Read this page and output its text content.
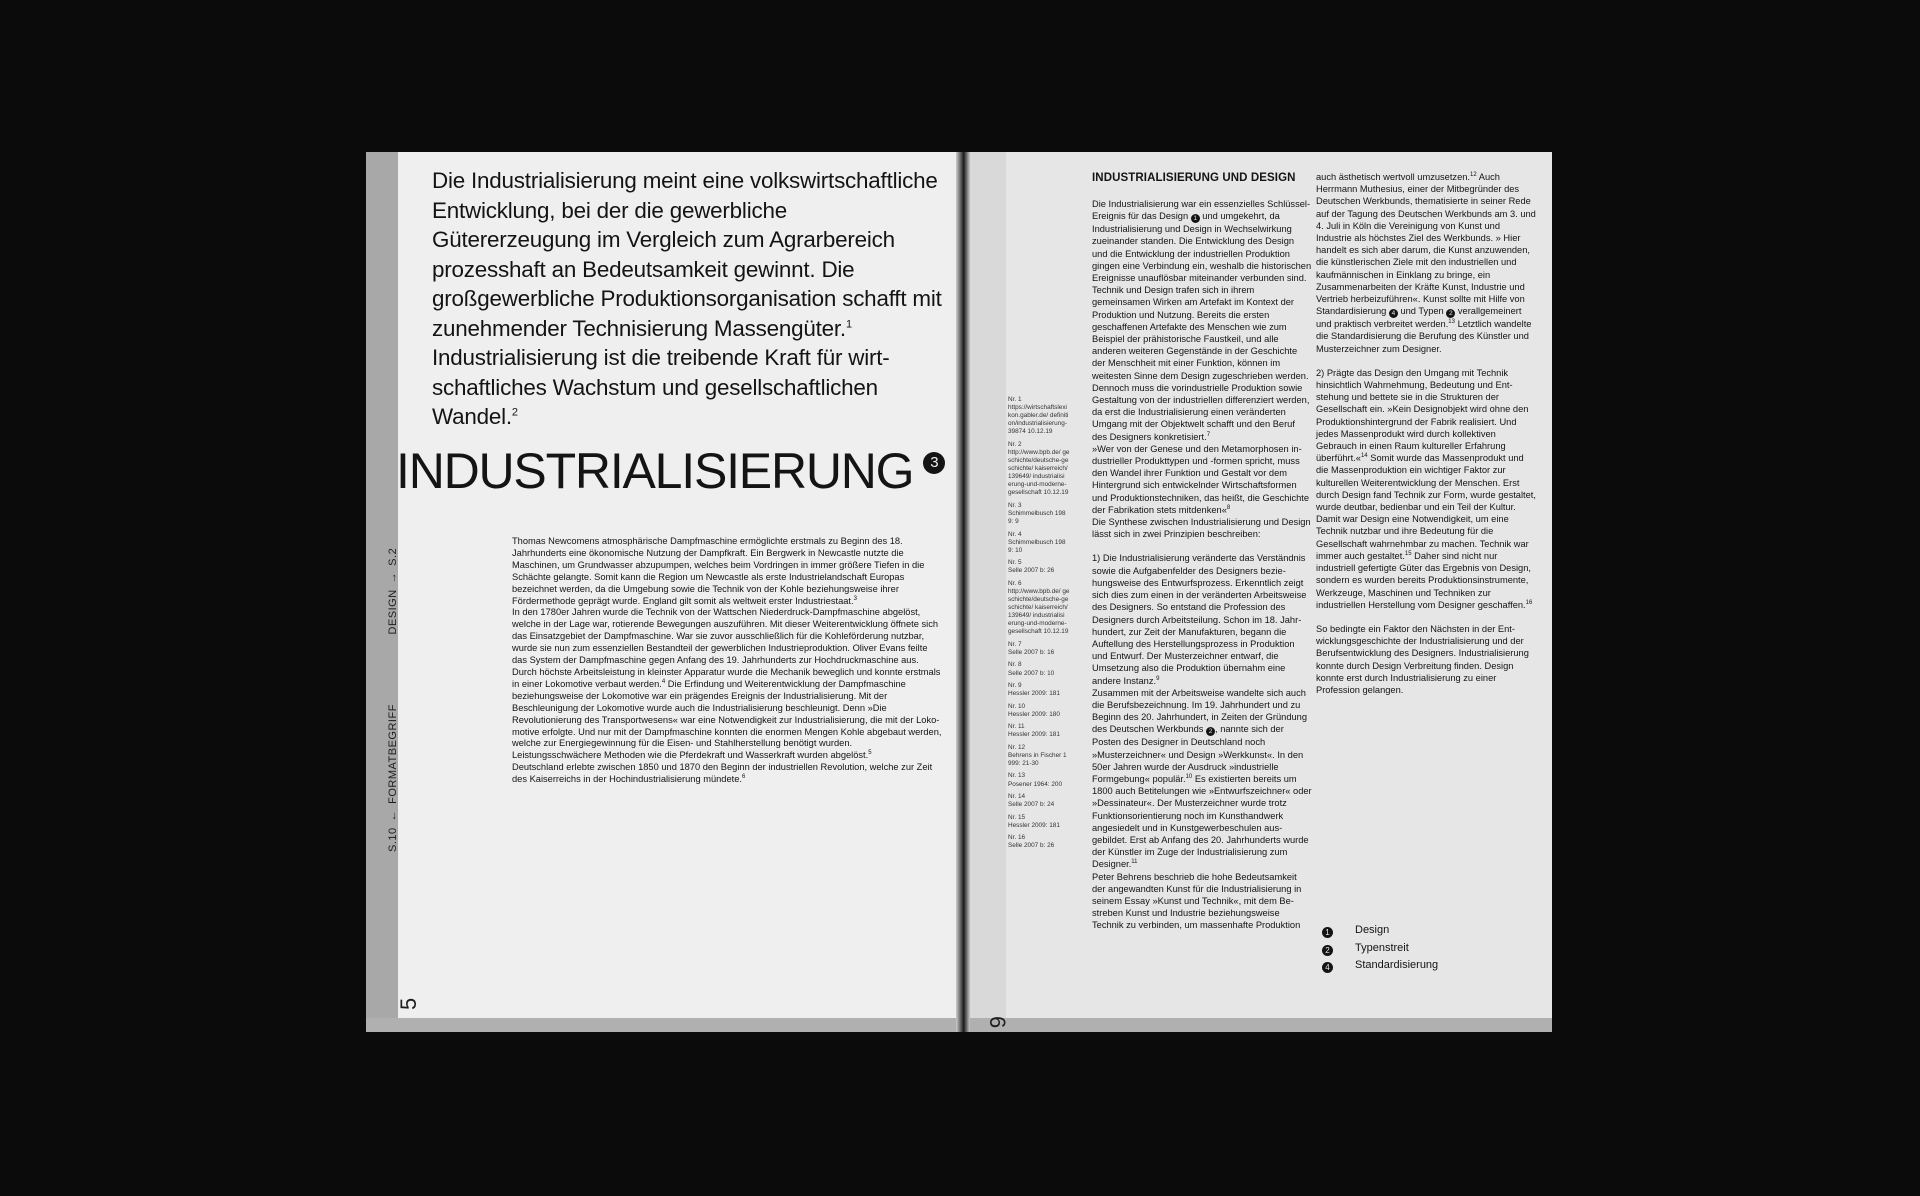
Die Industrialisierung meint eine volkswirtschaftliche Entwicklung, bei der die gewerbliche Gütererzeugung im Vergleich zum Agrarbereich prozesshaft an Bedeutsamkeit gewinnt. Die großgewerbliche Produktionsorganisation schafft mit zunehmender Technisierung Massengüter.$^1$ Industrialisierung ist die treibende Kraft für wirtschaftliches Wachstum und gesellschaftlichen Wandel.$^2$

INDUSTRIALISIERUNG 3

Thomas Newcomens atmosphärische Dampfmaschine ermöglichte erstmals zu Beginn des 18. Jahrhunderts eine ökonomische Nutzung der Dampfkraft. Ein Bergwerk in Newcastle nutzte die Maschinen, um Grundwasser abzupumpen, welches beim Vordringen in immer größere Tiefen in die Schächte gelangte. Somit kann die Region um Newcastle als erste Industrielandschaft Europas bezeichnet werden, da die Umgebung sowie die Technik von der Kohle beziehungsweise ihrer Fördermethode geprägt wurde. England gilt somit als weltweit erster Industriestaat.$^3$

In den 1780er Jahren wurde die Technik von der Wattschen Niederdruck-Dampfmaschine abgelöst, welche in der Lage war, rotierende Bewegungen auszuführen. Mit dieser Weiterentwicklung öffnete sich das Einsatzgebiet der Dampfmaschine. War sie zuvor ausschließlich für die Kohleförderung nutzbar, wurde sie nun zum essenziellen Bestandteil der gewerblichen Industrieproduktion. Oliver Evans feilte das System der Dampfmaschine gegen Anfang des 19. Jahrhunderts zur Hochdruckmaschine aus. Durch höchste Arbeitsleistung in kleinster Apparatur wurde die Mechanik beweglich und konnte erstmals in einer Lokomotive verbaut werden.$^4$ Die Erfindung und Weiterentwicklung der Dampfmaschine beziehungsweise der Lokomotive war ein prägendes Ereignis der Industrialisierung. Mit der Beschleunigung der Lokomotive wurde auch die Industrialisierung beschleunigt. Denn »Die Revolutionierung des Transportwesens« war eine Notwendigkeit zur Industrialisierung, die mit der Lokomotive erfolgte. Und nur mit der Dampfmaschine konnten die enormen Mengen Kohle abgebaut werden, welche zur Energiegewinnung für die Eisen- und Stahlherstellung benötigt wurden. Leistungsschwächere Methoden wie die Pferdekraft und Wasserkraft wurden abgelöst.$^5$

Deutschland erlebte zwischen 1850 und 1870 den Beginn der industriellen Revolution, welche zur Zeit des Kaiserreichs in der Hochindustrialisierung mündete.$^6$

S.10←FORMATBEGRIFF DESIGN→S.2
5
INDUSTRIALISIERUNG UND DESIGN
Nr. 1
https://wirtschaftslexikon.gabler.de/ definition/industrialisierung-39874 10.12.19
Nr. 2
http://www.bpb.de/ geschichte/deutsche-geschichte/ kaiserreich/139649/ industrialisierung-und-moderne-gesellschaft 10.12.19
Nr. 3
Schimmelbusch 1989: 9
Nr. 4
Schimmelbusch 1989: 10
Nr. 5
Selle 2007 b: 26
Nr. 6
http://www.bpb.de/ geschichte/deutsche-geschichte/ kaiserreich/139649/ industrialisierung-und-moderne-gesellschaft 10.12.19
Nr. 7
Selle 2007 b: 16
Nr. 8
Selle 2007 b: 10
Nr. 9
Hessler 2009: 181
Nr. 10
Hessler 2009: 180
Nr. 11
Hessler 2009: 181
Nr. 12
Behrens in Fischer 1999: 21-30
Nr. 13
Posener 1964: 200
Nr. 14
Selle 2007 b: 24
Nr. 15
Hessler 2009: 181
Nr. 16
Selle 2007 b: 26

Die Industrialisierung war ein essenzielles SchlüsselEreignis für das Design 1 und umgekehrt, da Industrialisierung und Design in Wechselwirkung zueinander standen. Die Entwicklung des Design und die Entwicklung der industriellen Produktion gingen eine Verbindung ein, weshalb die historischen Ereignisse unauflösbar miteinander verbunden sind. Technik und Design trafen sich in ihrem gemeinsamen Wirken am Artefakt im Kontext der Produktion und Nutzung. Bereits die ersten geschaffenen Artefakte des Menschen wie zum Beispiel der prähistorische Faustkeil, und alle anderen weiteren Gegenstände in der Geschichte der Menschheit mit einer Funktion, können im weitesten Sinne dem Design zugeschrieben werden. Dennoch muss die vorindustrielle Produktion sowie Gestaltung von der industriellen differenziert werden, da erst die Industrialisierung einen veränderten Umgang mit der Objektwelt schafft und den Beruf des Designers konkretisiert.$^7$

»Wer von der Genese und den Metamorphosen industrieller Produkttypen und -formen spricht, muss den Wandel ihrer Funktion und Gestalt vor dem Hintergrund sich entwickelnder Wirtschaftsformen und Produktionstechniken, das heißt, die Geschichte der Fabrikation stets mitdenken«$^8$

Die Synthese zwischen Industrialisierung und Design lässt sich in zwei Prinzipien beschreiben:

1) Die Industrialisierung veränderte das Verständnis sowie die Aufgabenfelder des Designers beziehungsweise des Entwurfsprozess. Erkenntlich zeigt sich dies zum einen in der veränderten Arbeitsweise des Designers. So entstand die Profession des Designers durch Arbeitsteilung. Schon im 18. Jahrhundert, zur Zeit der Manufakturen, begann die Auftellung des Herstellungsprozess in Produktion und Entwurf. Der Musterzeichner entwarf, die Umsetzung also die Produktion übernahm eine andere Instanz.$^9$

Zusammen mit der Arbeitsweise wandelte sich auch die Berufsbezeichnung. Im 19. Jahrhundert und zu Beginn des 20. Jahrhundert, in Zeiten der Gründung des Deutschen Werkbunds 2 , nannte sich der Posten des Designer in Deutschland noch »Musterzeichner« und Design »Werkkunst«. In den 50er Jahren wurde der Ausdruck »industrielle Formgebung« populär.$^{10}$ Es existierten bereits um 1800 auch Betitelungen wie »Entwurfszeichner« oder »Dessinateur«. Der Musterzeichner wurde trotz Funktionsorientierung noch im Kunsthandwerk angesiedelt und in Kunstgewerbeschulen ausgebildet. Erst ab Anfang des 20. Jahrhunderts wurde der Künstler im Zuge der Industrialisierung zum Designer.$^{11}$

Peter Behrens beschrieb die hohe Bedeutsamkeit der angewandten Kunst für die Industrialisierung in seinem Essay »Kunst und Technik«, mit dem Bestreben Kunst und Industrie beziehungsweise Technik zu verbinden, um massenhafte Produktion

auch ästhetisch wertvoll umzusetzen.$^{12}$ Auch Herrmann Muthesius, einer der Mitbegründer des Deutschen Werkbunds, thematisierte in seiner Rede auf der Tagung des Deutschen Werkbunds am 3. und 4. Juli in Köln die Vereinigung von Kunst und Industrie als höchstes Ziel des Werkbunds. » Hier handelt es sich aber darum, die Kunst anzuwenden, die künstlerischen Ziele mit den industriellen und kaufmännischen in Einklang zu bringe, ein Zusammenarbeiten der Kräfte Kunst, Industrie und Vertrieb herbeizuführen«. Kunst sollte mit Hilfe von Standardisierung 4 und Typen 2 verallgemeinert und praktisch verbreitet werden.$^{13}$ Letztlich wandelte die Standardisierung die Berufung des Künstler und Musterzeichner zum Designer.

2) Prägte das Design den Umgang mit Technik hinsichtlich Wahrnehmung, Bedeutung und Entstehung und bettete sie in die Strukturen der Gesellschaft ein. »Kein Designobjekt wird ohne den Produktionshintergrund der Fabrik realisiert. Und jedes Massenprodukt wird durch kollektiven Gebrauch in einen Raum kultureller Erfahrung überführt.«$^{14}$ Somit wurde das Massenprodukt und die Massenproduktion ein wichtiger Faktor zur kulturellen Weiterentwicklung der Menschen. Erst durch Design fand Technik zur Form, wurde gestaltet, wurde deutbar, bedienbar und ein Teil der Kultur. Damit war Design eine Notwendigkeit, um eine Technik nutzbar und ihre Bedeutung für die Gesellschaft wahrnehmbar zu machen. Technik war immer auch gestaltet.$^{15}$ Daher sind nicht nur industriell gefertigte Güter das Ergebnis von Design, sondern es wurden bereits Produktionsinstrumente, Werkzeuge, Maschinen und Techniken zur industriellen Herstellung vom Designer geschaffen.$^{16}$

So bedingte ein Faktor den Nächsten in der Entwicklungsgeschichte der Industrialisierung und der Berufsentwicklung des Designers. Industrialisierung konnte durch Design Verbreitung finden. Design konnte erst durch Industrialisierung zu einer Profession gelangen.

1 Design
2 Typenstreit
4 Standardisierung
6
